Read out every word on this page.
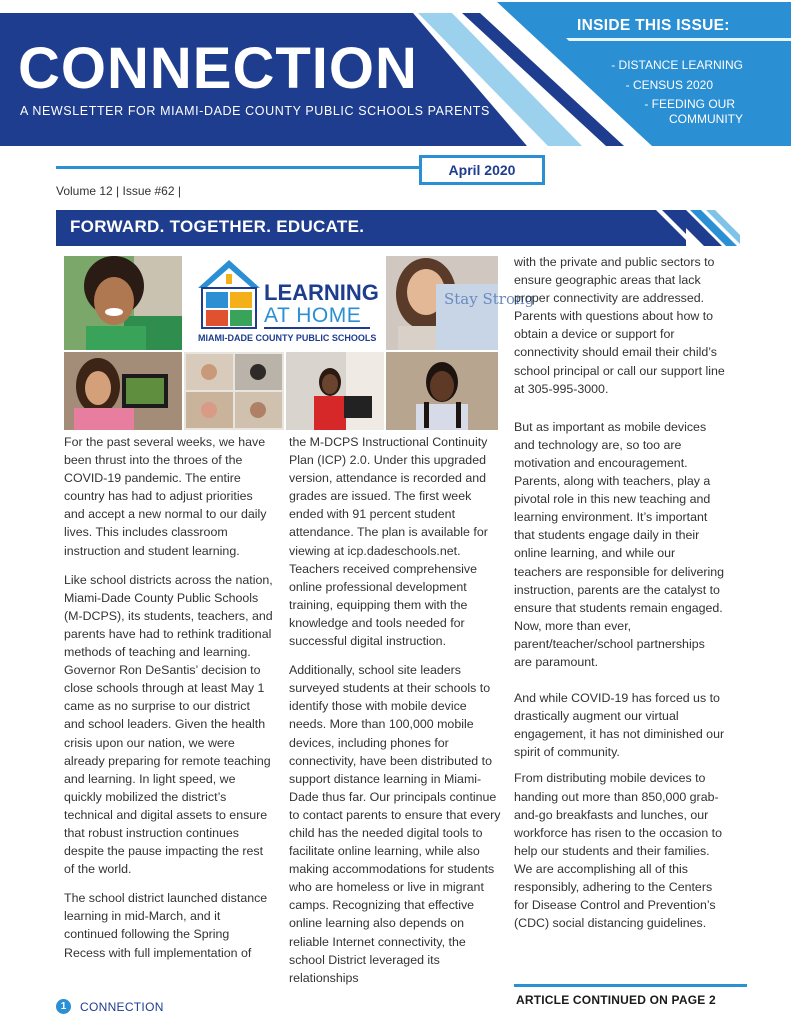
CONNECTION
A NEWSLETTER FOR MIAMI-DADE COUNTY PUBLIC SCHOOLS PARENTS
INSIDE THIS ISSUE:
- DISTANCE LEARNING
- CENSUS 2020
- FEEDING OUR
COMMUNITY
April 2020
Volume 12 | Issue #62 |
FORWARD. TOGETHER. EDUCATE.
LEARNING
AT HOME
MIAMI-DADE COUNTY PUBLIC SCHOOLS
Stay Strong

For the past several weeks, we have been thrust into the throes of the COVID-19 pandemic. The entire country has had to adjust priorities and accept a new normal to our daily lives. This includes classroom instruction and student learning.

Like school districts across the nation, Miami-Dade County Public Schools (M-DCPS), its students, teachers, and parents have had to rethink traditional methods of teaching and learning. Governor Ron DeSantis’ decision to close schools through at least May 1 came as no surprise to our district and school leaders. Given the health crisis upon our nation, we were already preparing for remote teaching and learning. In light speed, we quickly mobilized the district’s technical and digital assets to ensure that robust instruction continues despite the pause impacting the rest of the world.

The school district launched distance learning in mid-March, and it continued following the Spring Recess with full implementation of

the M-DCPS Instructional Continuity Plan (ICP) 2.0. Under this upgraded version, attendance is recorded and grades are issued. The first week ended with 91 percent student attendance. The plan is available for viewing at icp.dadeschools.net. Teachers received comprehensive online professional development training, equipping them with the knowledge and tools needed for successful digital instruction.

Additionally, school site leaders surveyed students at their schools to identify those with mobile device needs. More than 100,000 mobile devices, including phones for connectivity, have been distributed to support distance learning in Miami-Dade thus far. Our principals continue to contact parents to ensure that every child has the needed digital tools to facilitate online learning, while also making accommodations for students who are homeless or live in migrant camps. Recognizing that effective online learning also depends on reliable Internet connectivity, the school District leveraged its relationships

with the private and public sectors to ensure geographic areas that lack proper connectivity are addressed. Parents with questions about how to obtain a device or support for connectivity should email their child’s school principal or call our support line at 305-995-3000.

But as important as mobile devices and technology are, so too are motivation and encouragement. Parents, along with teachers, play a pivotal role in this new teaching and learning environment. It’s important that students engage daily in their online learning, and while our teachers are responsible for delivering instruction, parents are the catalyst to ensure that students remain engaged. Now, more than ever, parent/teacher/school partnerships are paramount.

And while COVID-19 has forced us to drastically augment our virtual engagement, it has not diminished our spirit of community.

From distributing mobile devices to handing out more than 850,000 grab-and-go breakfasts and lunches, our workforce has risen to the occasion to help our students and their families. We are accomplishing all of this responsibly, adhering to the Centers for Disease Control and Prevention’s (CDC) social distancing guidelines.

ARTICLE CONTINUED ON PAGE 2
1	CONNECTION
